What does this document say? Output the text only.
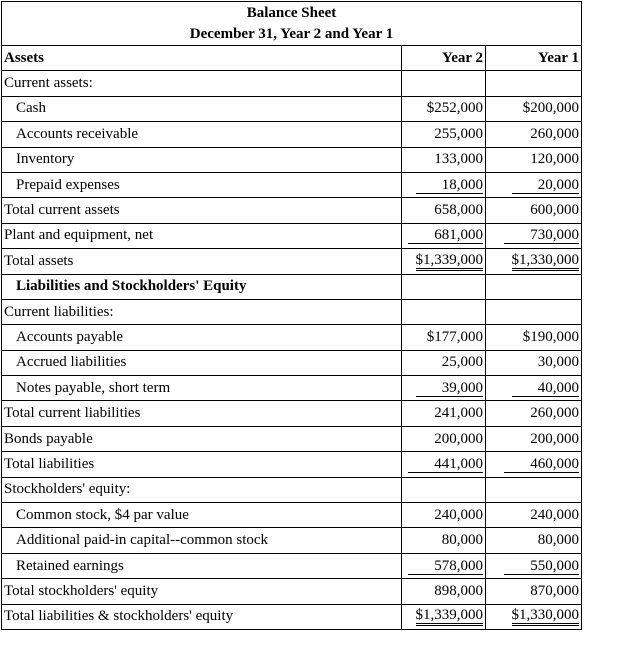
Balance Sheet		
December 31, Year 2 and Year 1		
Assets	Year 2	Year 1
Current assets:		
Cash	$252,000	$200,000
Accounts receivable	255,000	260,000
Inventory	133,000	120,000
Prepaid expenses	18,000	20,000
Total current assets	658,000	600,000
Plant and equipment, net	681,000	730,000
Total assets	$1,339,000	$1,330,000
Liabilities and Stockholders' Equity		
Current liabilities:		
Accounts payable	$177,000	$190,000
Accrued liabilities	25,000	30,000
Notes payable, short term	39,000	40,000
Total current liabilities	241,000	260,000
Bonds payable	200,000	200,000
Total liabilities	441,000	460,000
Stockholders' equity:		
Common stock, $4 par value	240,000	240,000
Additional paid-in capital--common stock	80,000	80,000
Retained earnings	578,000	550,000
Total stockholders' equity	898,000	870,000
Total liabilities & stockholders' equity	$1,339,000	$1,330,000
